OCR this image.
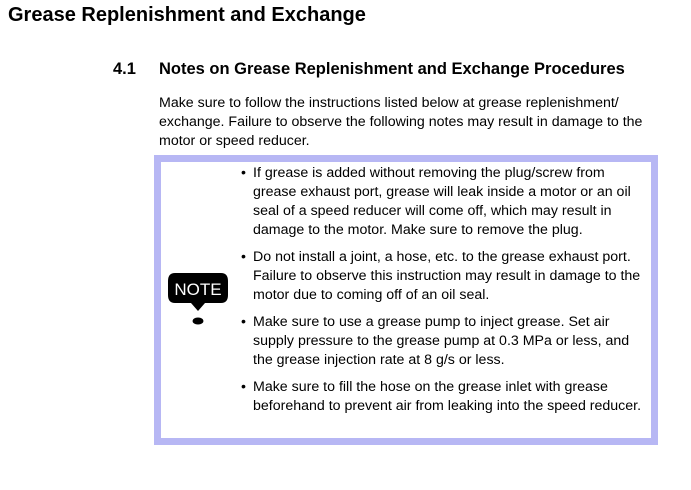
Grease Replenishment and Exchange
4.1 Notes on Grease Replenishment and Exchange Procedures

Make sure to follow the instructions listed below at grease replenishment/ exchange. Failure to observe the following notes may result in damage to the motor or speed reducer.

NOTE
• If grease is added without removing the plug/screw from grease exhaust port, grease will leak inside a motor or an oil seal of a speed reducer will come off, which may result in damage to the motor. Make sure to remove the plug.
• Do not install a joint, a hose, etc. to the grease exhaust port. Failure to observe this instruction may result in damage to the motor due to coming off of an oil seal.
• Make sure to use a grease pump to inject grease. Set air supply pressure to the grease pump at 0.3 MPa or less, and the grease injection rate at 8 g/s or less.
• Make sure to fill the hose on the grease inlet with grease beforehand to prevent air from leaking into the speed reducer.
